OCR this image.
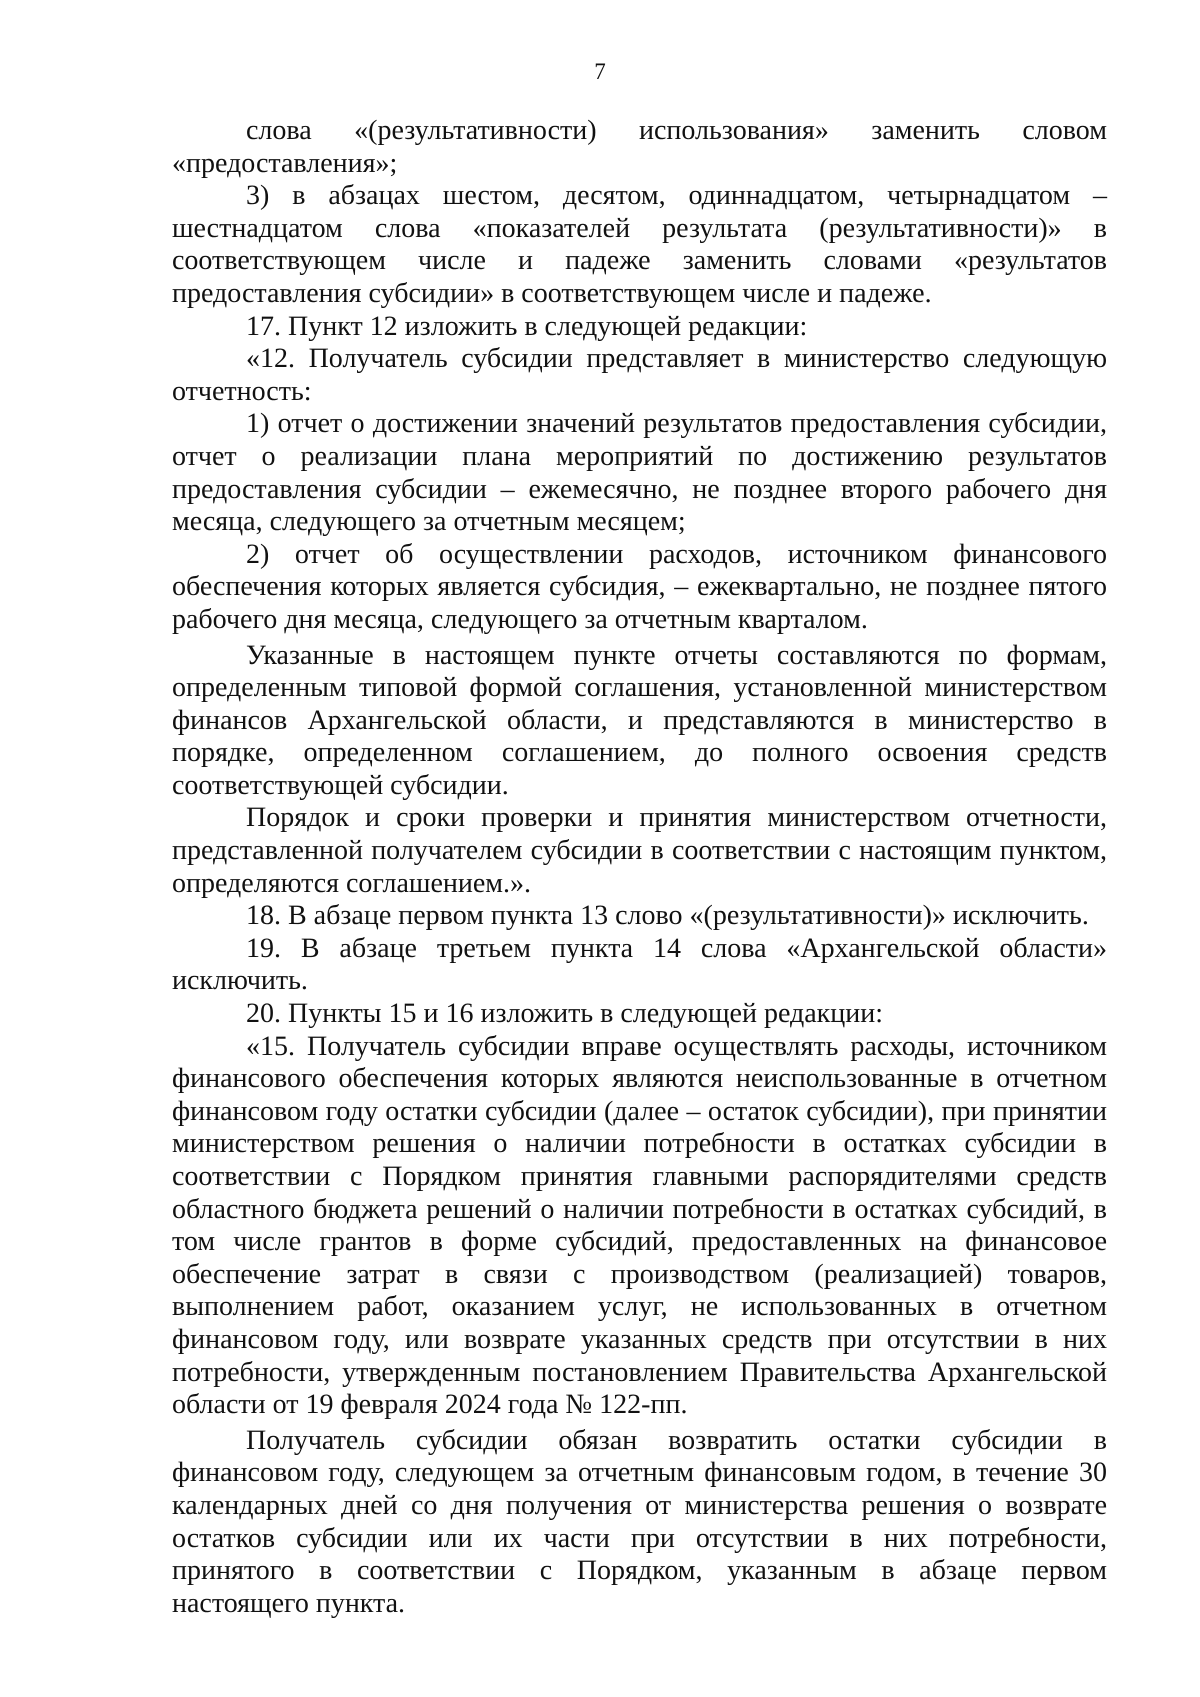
7

слова «(результативности) использования» заменить словом «предоставления»;

3) в абзацах шестом, десятом, одиннадцатом, четырнадцатом – шестнадцатом слова «показателей результата (результативности)» в соответствующем числе и падеже заменить словами «результатов предоставления субсидии» в соответствующем числе и падеже.

17. Пункт 12 изложить в следующей редакции:

«12. Получатель субсидии представляет в министерство следующую отчетность:

1) отчет о достижении значений результатов предоставления субсидии, отчет о реализации плана мероприятий по достижению результатов предоставления субсидии – ежемесячно, не позднее второго рабочего дня месяца, следующего за отчетным месяцем;

2) отчет об осуществлении расходов, источником финансового обеспечения которых является субсидия, – ежеквартально, не позднее пятого рабочего дня месяца, следующего за отчетным кварталом.

Указанные в настоящем пункте отчеты составляются по формам, определенным типовой формой соглашения, установленной министерством финансов Архангельской области, и представляются в министерство в порядке, определенном соглашением, до полного освоения средств соответствующей субсидии.

Порядок и сроки проверки и принятия министерством отчетности, представленной получателем субсидии в соответствии с настоящим пунктом, определяются соглашением.».

18. В абзаце первом пункта 13 слово «(результативности)» исключить.

19. В абзаце третьем пункта 14 слова «Архангельской области» исключить.

20. Пункты 15 и 16 изложить в следующей редакции:

«15. Получатель субсидии вправе осуществлять расходы, источником финансового обеспечения которых являются неиспользованные в отчетном финансовом году остатки субсидии (далее – остаток субсидии), при принятии министерством решения о наличии потребности в остатках субсидии в соответствии с Порядком принятия главными распорядителями средств областного бюджета решений о наличии потребности в остатках субсидий, в том числе грантов в форме субсидий, предоставленных на финансовое обеспечение затрат в связи с производством (реализацией) товаров, выполнением работ, оказанием услуг, не использованных в отчетном финансовом году, или возврате указанных средств при отсутствии в них потребности, утвержденным постановлением Правительства Архангельской области от 19 февраля 2024 года № 122-пп.

Получатель субсидии обязан возвратить остатки субсидии в финансовом году, следующем за отчетным финансовым годом, в течение 30 календарных дней со дня получения от министерства решения о возврате остатков субсидии или их части при отсутствии в них потребности, принятого в соответствии с Порядком, указанным в абзаце первом настоящего пункта.
